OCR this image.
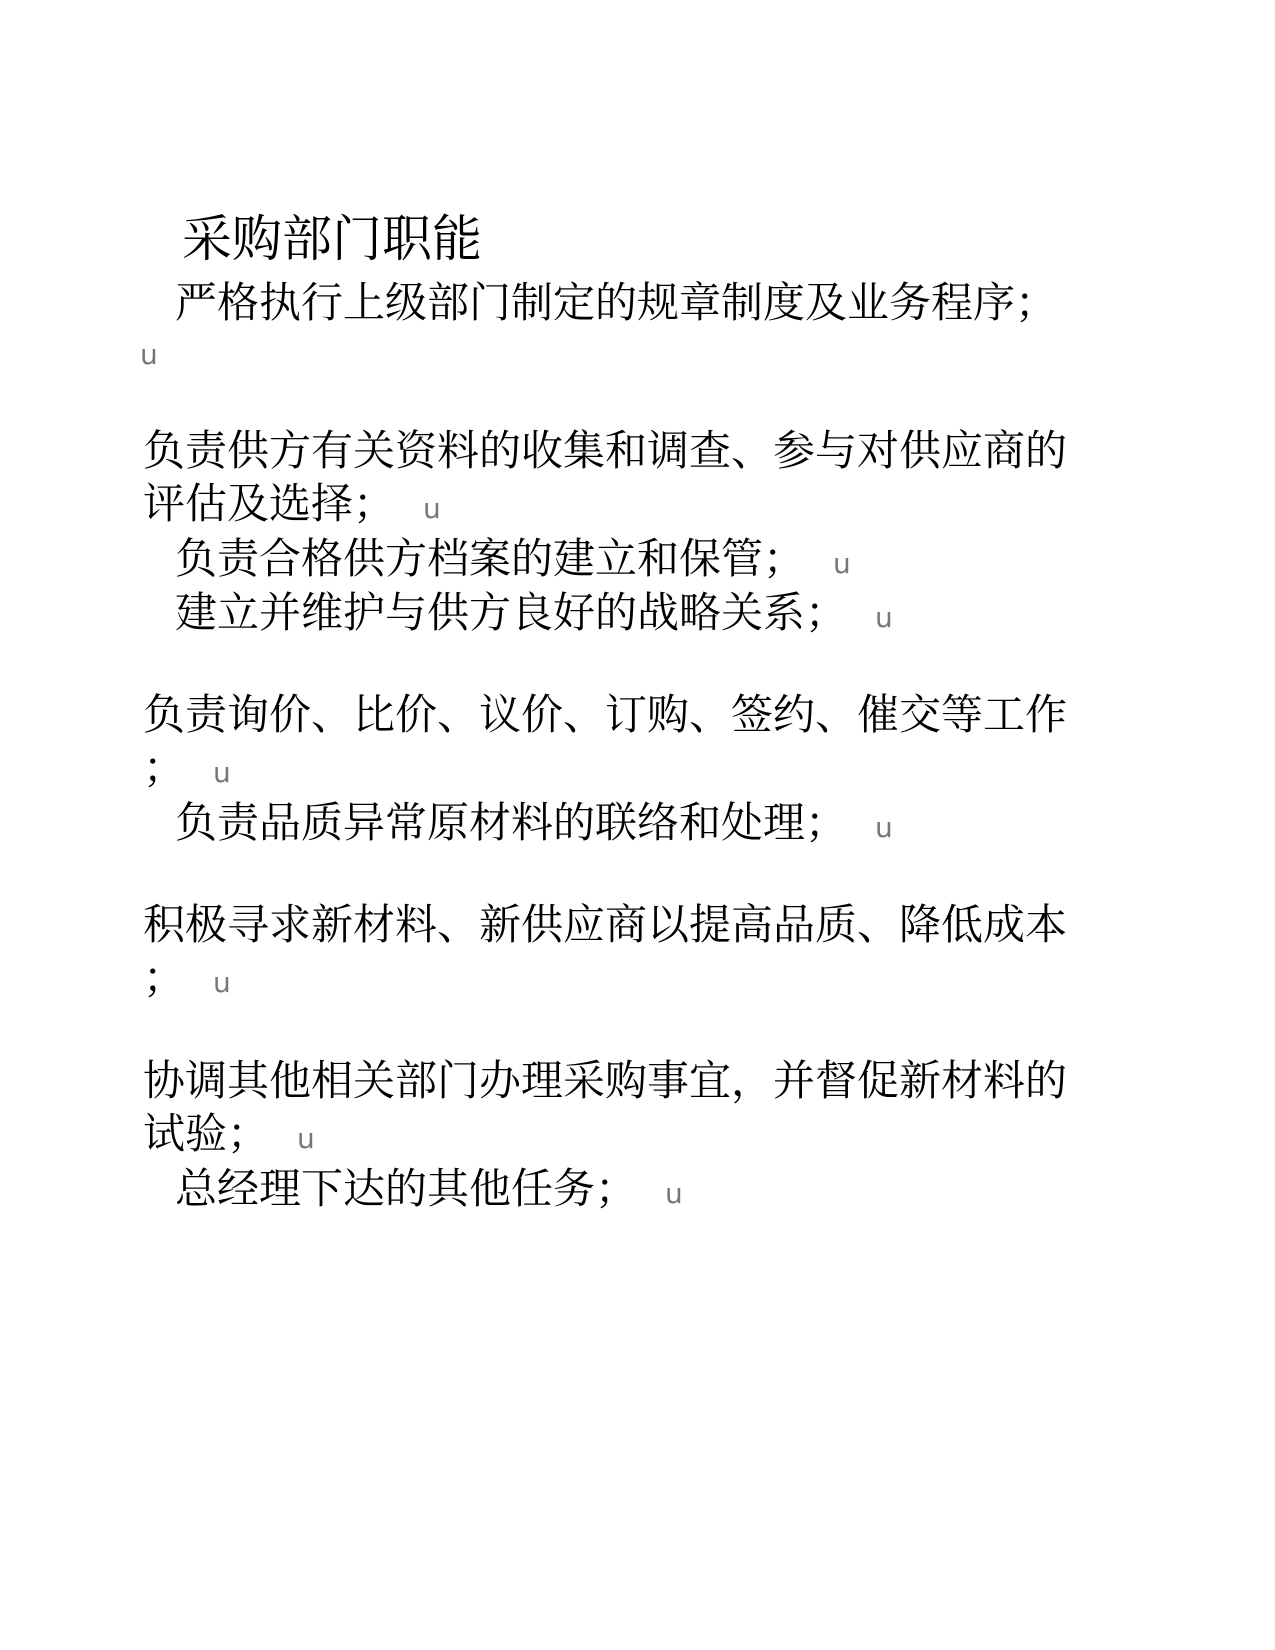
采购部门职能
严格执行上级部门制定的规章制度及业务程序；
u
负责供方有关资料的收集和调查、参与对供应商的
评估及选择； u
负责合格供方档案的建立和保管； u
建立并维护与供方良好的战略关系； u
负责询价、比价、议价、订购、签约、催交等工作
； u
负责品质异常原材料的联络和处理； u
积极寻求新材料、新供应商以提高品质、降低成本
； u
协调其他相关部门办理采购事宜，并督促新材料的
试验； u
总经理下达的其他任务； u
